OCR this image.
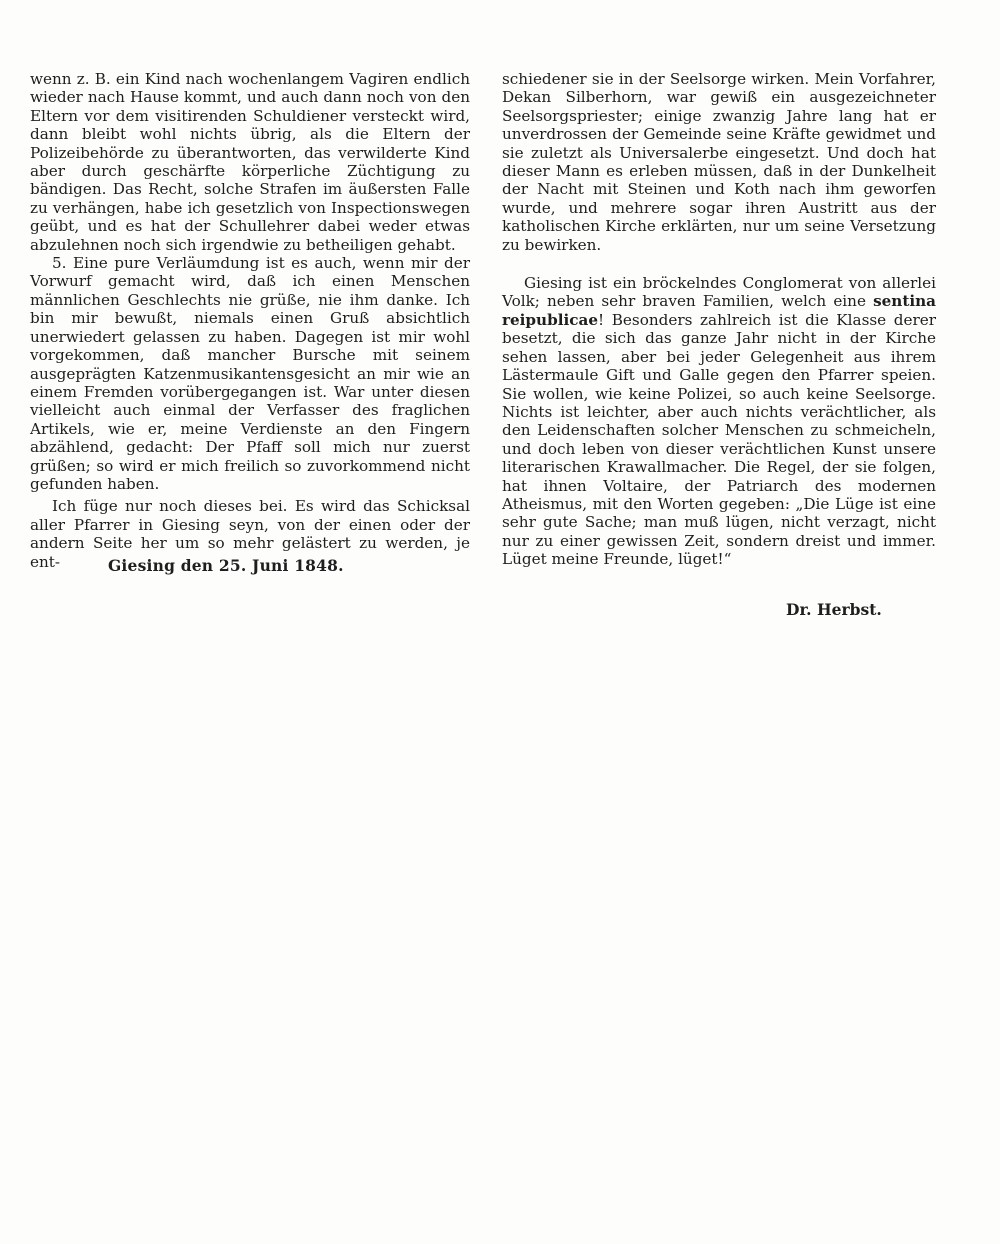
wenn z. B. ein Kind nach wochenlangem Vagiren endlich wieder nach Hause kommt, und auch dann noch von den Eltern vor dem visitirenden Schuldiener versteckt wird, dann bleibt wohl nichts übrig, als die Eltern der Polizeibehörde zu überantworten, das verwilderte Kind aber durch geschärfte körperliche Züchtigung zu bändigen. Das Recht, solche Strafen im äußersten Falle zu verhängen, habe ich gesetzlich von Inspectionswegen geübt, und es hat der Schullehrer dabei weder etwas abzulehnen noch sich irgendwie zu betheiligen gehabt.

5. Eine pure Verläumdung ist es auch, wenn mir der Vorwurf gemacht wird, daß ich einen Menschen männlichen Geschlechts nie grüße, nie ihm danke. Ich bin mir bewußt, niemals einen Gruß absichtlich unerwiedert gelassen zu haben. Dagegen ist mir wohl vorgekommen, daß mancher Bursche mit seinem ausgeprägten Katzenmusikantensgesicht an mir wie an einem Fremden vorübergegangen ist. War unter diesen vielleicht auch einmal der Verfasser des fraglichen Artikels, wie er, meine Verdienste an den Fingern abzählend, gedacht: Der Pfaff soll mich nur zuerst grüßen; so wird er mich freilich so zuvorkommend nicht gefunden haben.

Ich füge nur noch dieses bei. Es wird das Schicksal aller Pfarrer in Giesing seyn, von der einen oder der andern Seite her um so mehr gelästert zu werden, je ent-

schiedener sie in der Seelsorge wirken. Mein Vorfahrer, Dekan Silberhorn, war gewiß ein ausgezeichneter Seelsorgspriester; einige zwanzig Jahre lang hat er unverdrossen der Gemeinde seine Kräfte gewidmet und sie zuletzt als Universalerbe eingesetzt. Und doch hat dieser Mann es erleben müssen, daß in der Dunkelheit der Nacht mit Steinen und Koth nach ihm geworfen wurde, und mehrere sogar ihren Austritt aus der katholischen Kirche erklärten, nur um seine Versetzung zu bewirken.

Giesing ist ein bröckelndes Conglomerat von allerlei Volk; neben sehr braven Familien, welch eine sentina reipublicae! Besonders zahlreich ist die Klasse derer besetzt, die sich das ganze Jahr nicht in der Kirche sehen lassen, aber bei jeder Gelegenheit aus ihrem Lästermaule Gift und Galle gegen den Pfarrer speien. Sie wollen, wie keine Polizei, so auch keine Seelsorge. Nichts ist leichter, aber auch nichts verächtlicher, als den Leidenschaften solcher Menschen zu schmeicheln, und doch leben von dieser verächtlichen Kunst unsere literarischen Krawallmacher. Die Regel, der sie folgen, hat ihnen Voltaire, der Patriarch des modernen Atheismus, mit den Worten gegeben: „Die Lüge ist eine sehr gute Sache; man muß lügen, nicht verzagt, nicht nur zu einer gewissen Zeit, sondern dreist und immer. Lüget meine Freunde, lüget!“

Giesing den 25. Juni 1848.
Dr. Herbst.
